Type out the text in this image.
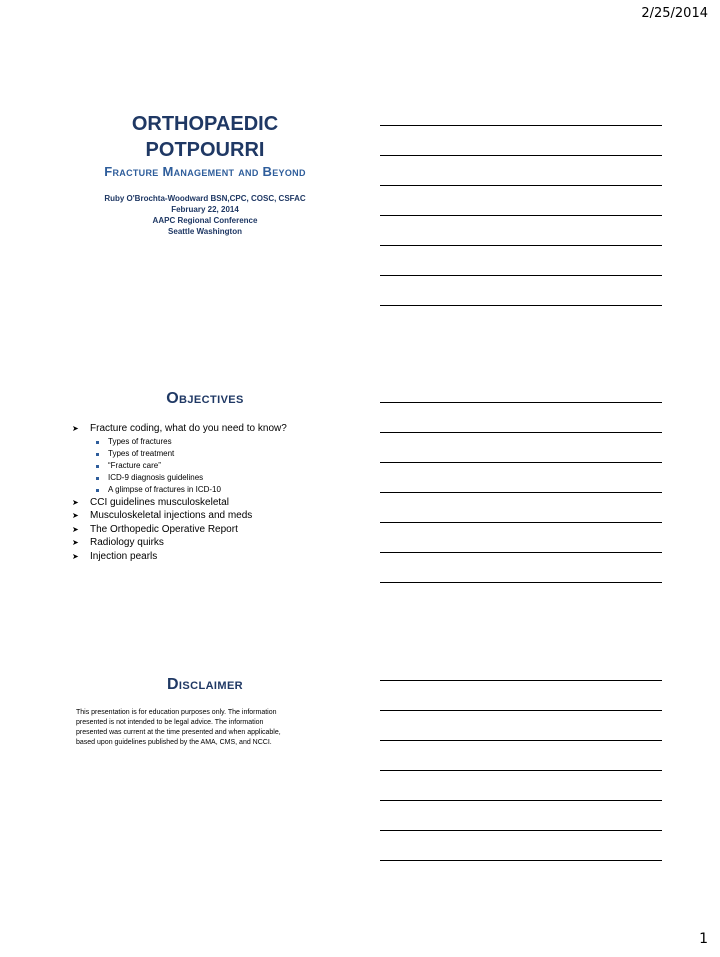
2/25/2014
ORTHOPAEDIC
POTPOURRI
Fracture Management and Beyond
Ruby O'Brochta-Woodward BSN,CPC, COSC, CSFAC
February 22, 2014
AAPC Regional Conference
Seattle Washington
Objectives
➤ Fracture coding, what do you need to know?
Types of fractures
Types of treatment
“Fracture care”
ICD-9 diagnosis guidelines
A glimpse of fractures in ICD-10
➤ CCI guidelines musculoskeletal
➤ Musculoskeletal injections and meds
➤ The Orthopedic Operative Report
➤ Radiology quirks
➤ Injection pearls
Disclaimer
This presentation is for education purposes only. The information
presented is not intended to be legal advice. The information
presented was current at the time presented and when applicable,
based upon guidelines published by the AMA, CMS, and NCCI.
1
